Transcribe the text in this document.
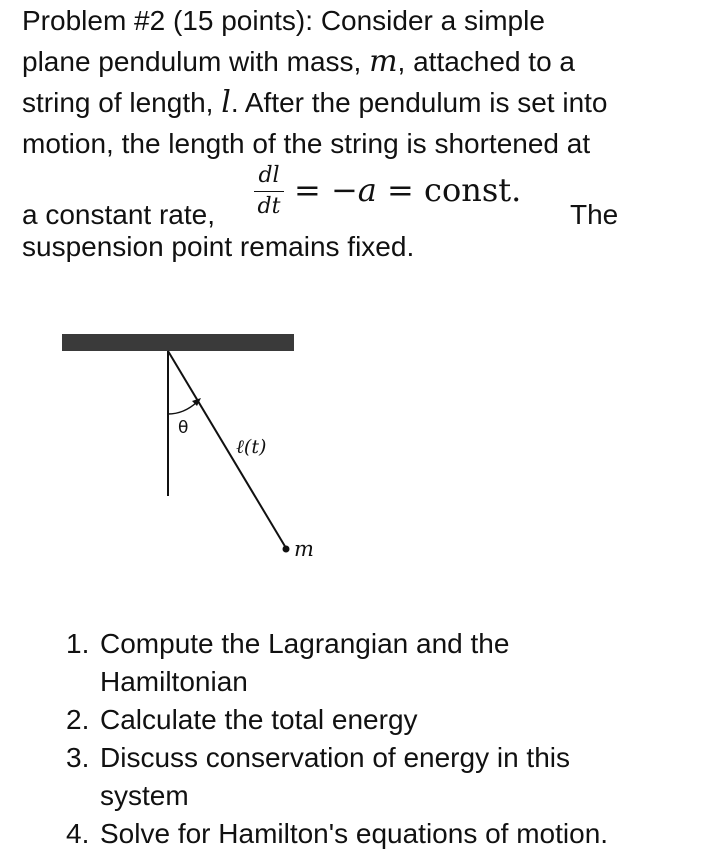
Problem #2 (15 points): Consider a simple
plane pendulum with mass, m, attached to a
string of length, l. After the pendulum is set into
motion, the length of the string is shortened at
a constant rate,
dl
dt = −a = const.
The
suspension point remains fixed.
θ
ℓ(t)
m
1. Compute the Lagrangian and the
Hamiltonian
2. Calculate the total energy
3. Discuss conservation of energy in this
system
4. Solve for Hamilton's equations of motion.
